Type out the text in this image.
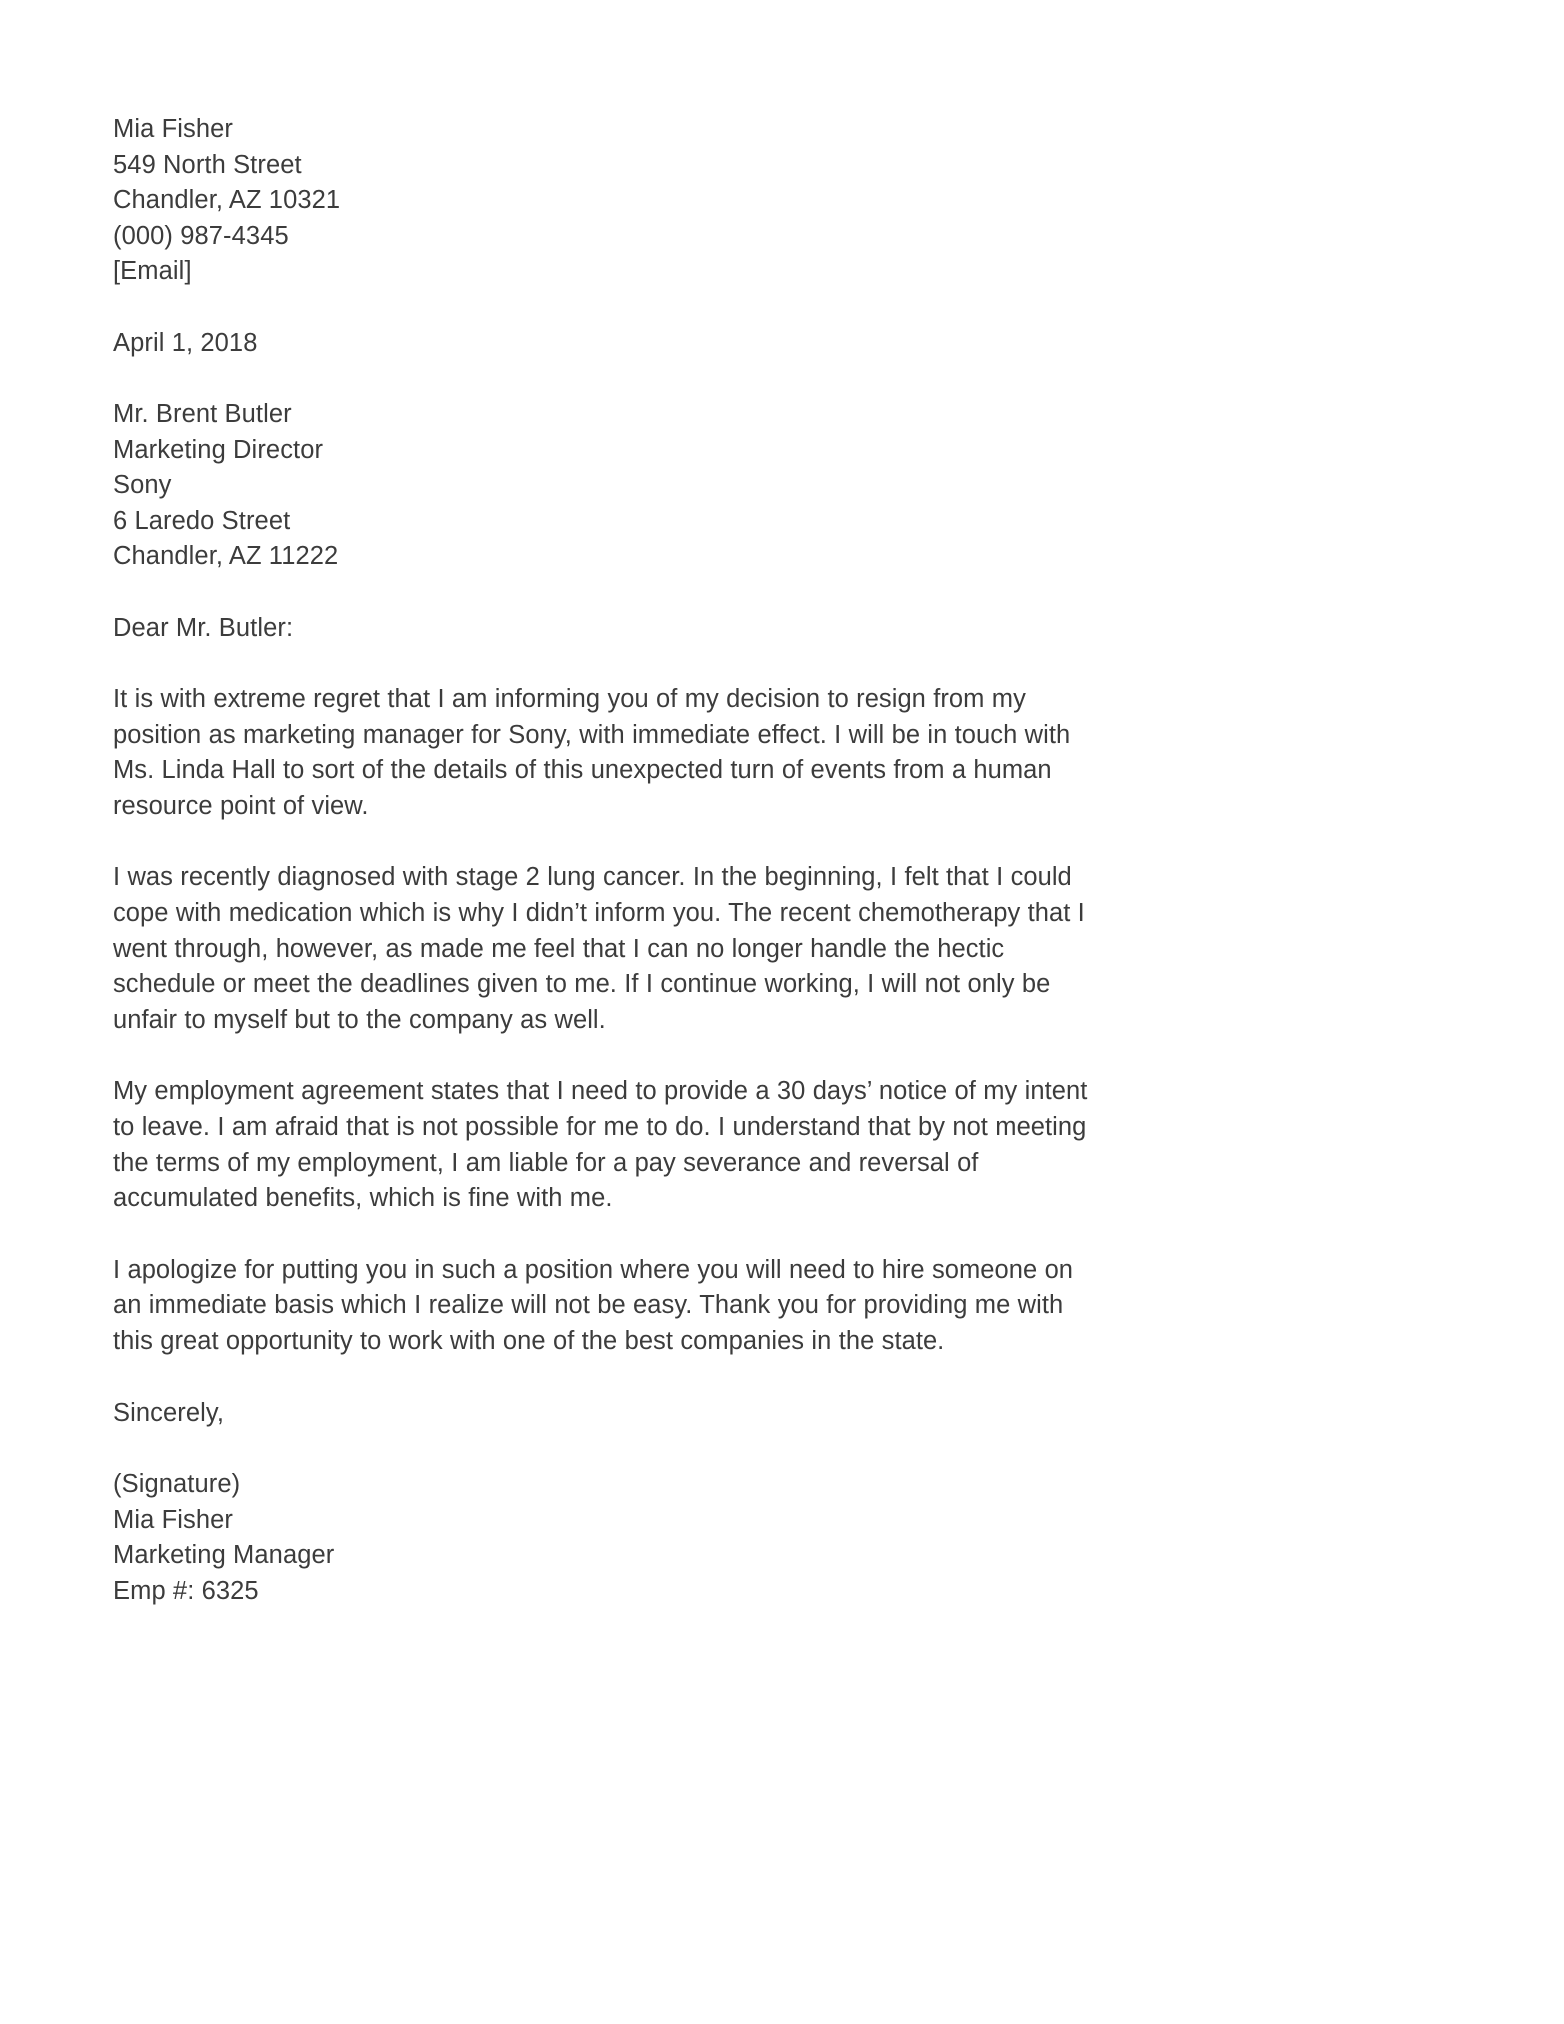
Mia Fisher
549 North Street
Chandler, AZ 10321
(000) 987-4345
[Email]
April 1, 2018
Mr. Brent Butler
Marketing Director
Sony
6 Laredo Street
Chandler, AZ 11222
Dear Mr. Butler:
It is with extreme regret that I am informing you of my decision to resign from my position as marketing manager for Sony, with immediate effect. I will be in touch with Ms. Linda Hall to sort of the details of this unexpected turn of events from a human resource point of view.
I was recently diagnosed with stage 2 lung cancer. In the beginning, I felt that I could cope with medication which is why I didn’t inform you. The recent chemotherapy that I went through, however, as made me feel that I can no longer handle the hectic schedule or meet the deadlines given to me. If I continue working, I will not only be unfair to myself but to the company as well.
My employment agreement states that I need to provide a 30 days’ notice of my intent to leave. I am afraid that is not possible for me to do. I understand that by not meeting the terms of my employment, I am liable for a pay severance and reversal of accumulated benefits, which is fine with me.
I apologize for putting you in such a position where you will need to hire someone on an immediate basis which I realize will not be easy. Thank you for providing me with this great opportunity to work with one of the best companies in the state.
Sincerely,
(Signature)
Mia Fisher
Marketing Manager
Emp #: 6325
